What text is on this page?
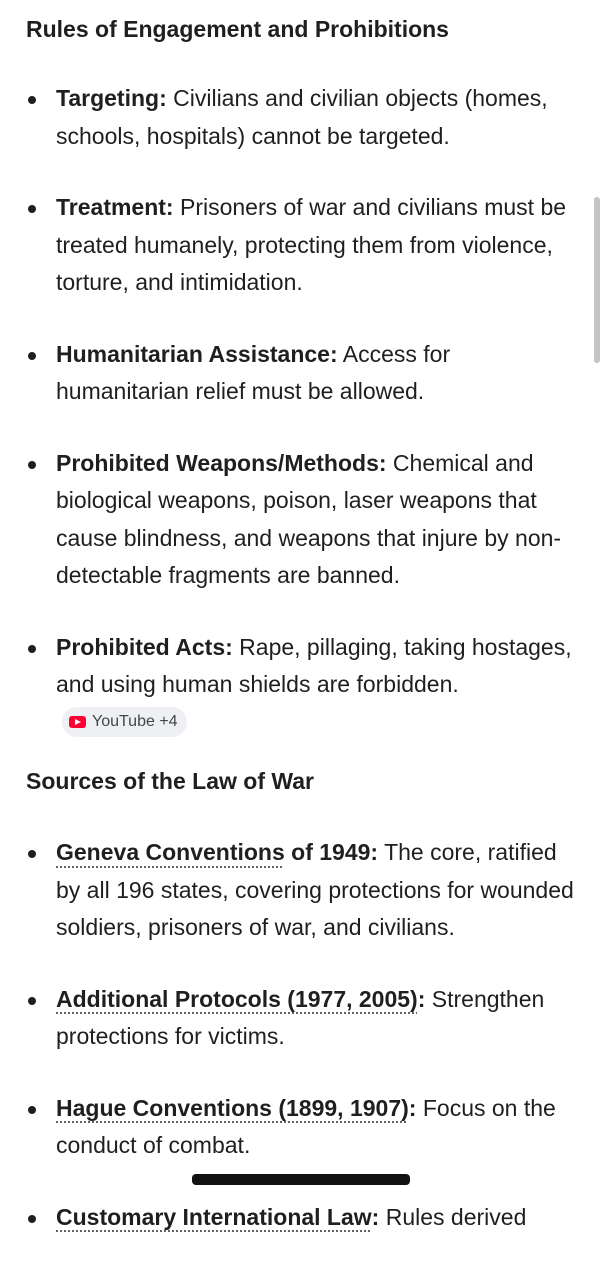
Rules of Engagement and Prohibitions
Targeting: Civilians and civilian objects (homes, schools, hospitals) cannot be targeted.
Treatment: Prisoners of war and civilians must be treated humanely, protecting them from violence, torture, and intimidation.
Humanitarian Assistance: Access for humanitarian relief must be allowed.
Prohibited Weapons/Methods: Chemical and biological weapons, poison, laser weapons that cause blindness, and weapons that injure by non-detectable fragments are banned.
Prohibited Acts: Rape, pillaging, taking hostages, and using human shields are forbidden.
YouTube +4
Sources of the Law of War
Geneva Conventions of 1949: The core, ratified by all 196 states, covering protections for wounded soldiers, prisoners of war, and civilians.
Additional Protocols (1977, 2005): Strengthen protections for victims.
Hague Conventions (1899, 1907): Focus on the conduct of combat.
Customary International Law: Rules derived
